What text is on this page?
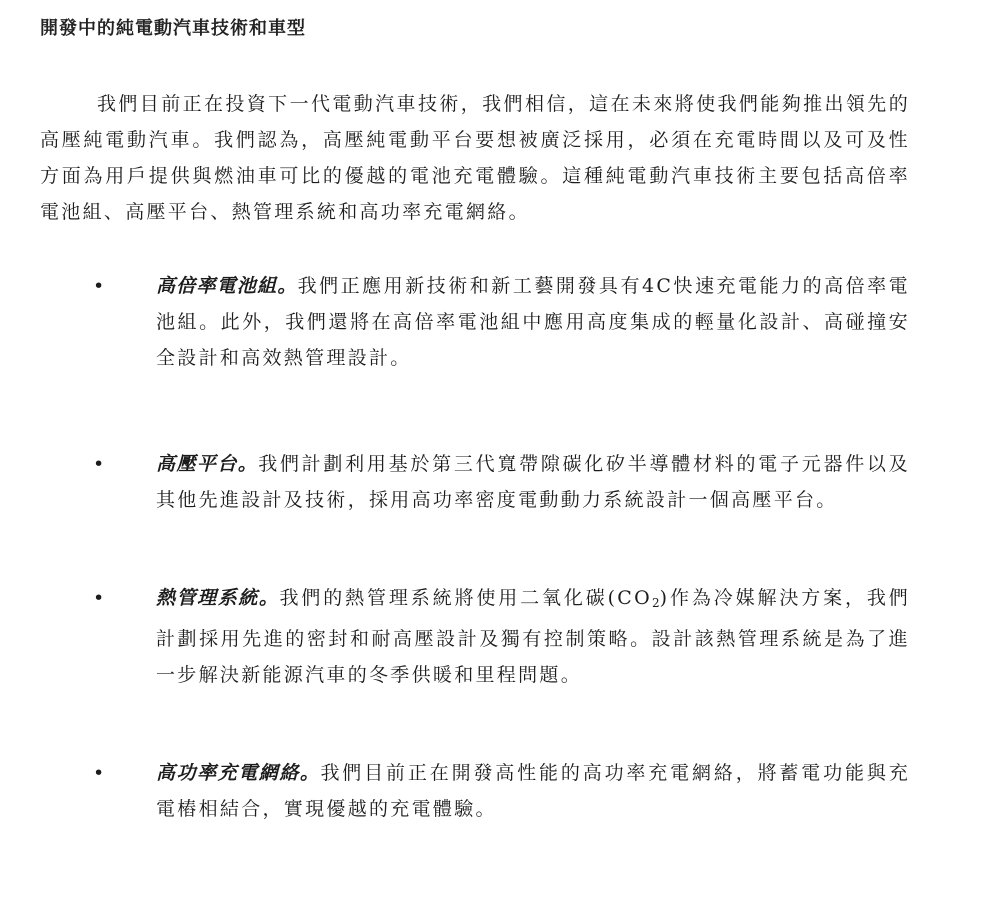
開發中的純電動汽車技術和車型

我們目前正在投資下一代電動汽車技術，我們相信，這在未來將使我們能夠推出領先的高壓純電動汽車。我們認為，高壓純電動平台要想被廣泛採用，必須在充電時間以及可及性方面為用戶提供與燃油車可比的優越的電池充電體驗。這種純電動汽車技術主要包括高倍率電池組、高壓平台、熱管理系統和高功率充電網絡。

•	高倍率電池組。我們正應用新技術和新工藝開發具有4C快速充電能力的高倍率電池組。此外，我們還將在高倍率電池組中應用高度集成的輕量化設計、高碰撞安全設計和高效熱管理設計。

•	高壓平台。我們計劃利用基於第三代寬帶隙碳化矽半導體材料的電子元器件以及其他先進設計及技術，採用高功率密度電動動力系統設計一個高壓平台。

•	熱管理系統。我們的熱管理系統將使用二氧化碳$(CO_2)$作為冷媒解決方案，我們計劃採用先進的密封和耐高壓設計及獨有控制策略。設計該熱管理系統是為了進一步解決新能源汽車的冬季供暖和里程問題。

•	高功率充電網絡。我們目前正在開發高性能的高功率充電網絡，將蓄電功能與充電樁相結合，實現優越的充電體驗。
